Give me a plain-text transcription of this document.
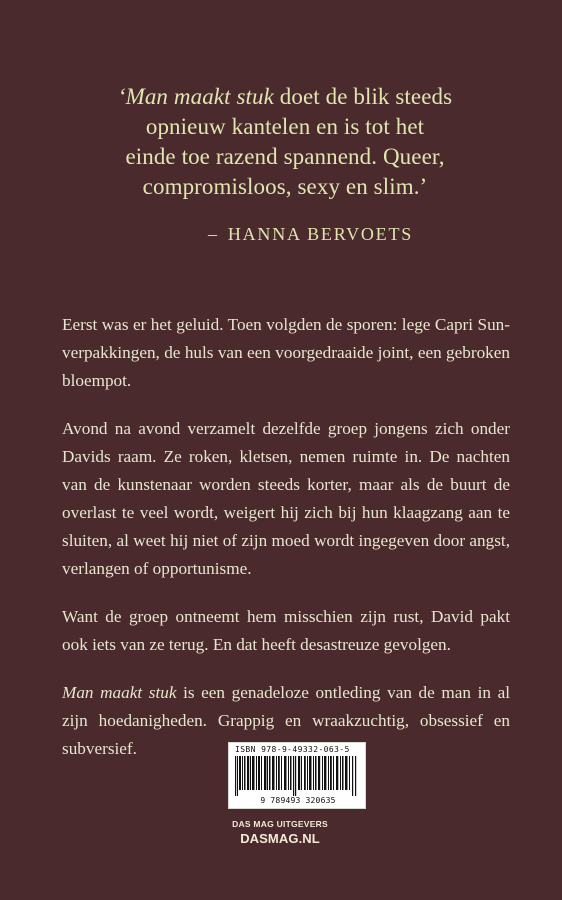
‘Man maakt stuk doet de blik steeds
opnieuw kantelen en is tot het
einde toe razend spannend. Queer,
compromisloos, sexy en slim.’
– HANNA BERVOETS

Eerst was er het geluid. Toen volgden de sporen: lege Capri Sun-verpakkingen, de huls van een voorgedraaide joint, een gebroken bloempot.

Avond na avond verzamelt dezelfde groep jongens zich onder Davids raam. Ze roken, kletsen, nemen ruimte in. De nachten van de kunstenaar worden steeds korter, maar als de buurt de overlast te veel wordt, weigert hij zich bij hun klaagzang aan te sluiten, al weet hij niet of zijn moed wordt ingegeven door angst, verlangen of opportunisme.

Want de groep ontneemt hem misschien zijn rust, David pakt ook iets van ze terug. En dat heeft desastreuze gevolgen.

Man maakt stuk is een genadeloze ontleding van de man in al zijn hoedanigheden. Grappig en wraakzuchtig, obsessief en subversief.	ISBN 978-9-49332-063-5
9 789493 320635
DAS MAG UITGEVERS
DASMAG.NL
